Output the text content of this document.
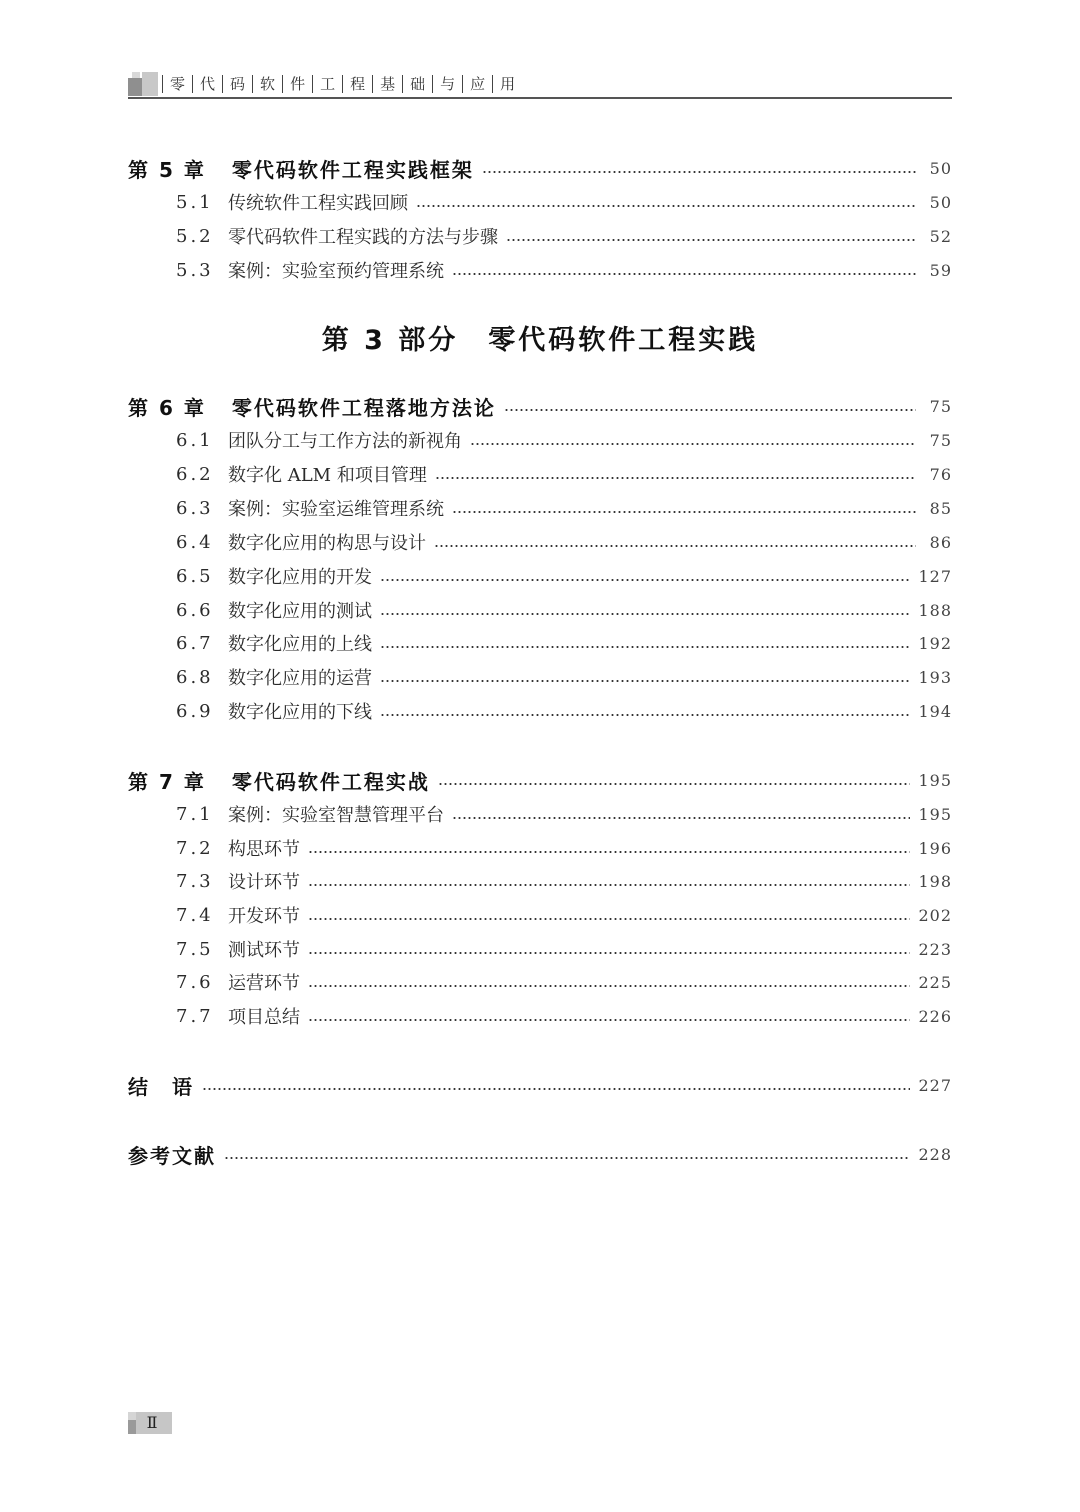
零	代	码	软	件	工	程	基	础	与	应	用
第 5 章 零代码软件工程实践框架	50
5.1 传统软件工程实践回顾	50
5.2 零代码软件工程实践的方法与步骤	52
5.3 案例：实验室预约管理系统	59
第 3 部分 零代码软件工程实践
第 6 章 零代码软件工程落地方法论	75
6.1 团队分工与工作方法的新视角	75
6.2 数字化 ALM 和项目管理	76
6.3 案例：实验室运维管理系统	85
6.4 数字化应用的构思与设计	86
6.5 数字化应用的开发	127
6.6 数字化应用的测试	188
6.7 数字化应用的上线	192
6.8 数字化应用的运营	193
6.9 数字化应用的下线	194
第 7 章 零代码软件工程实战	195
7.1 案例：实验室智慧管理平台	195
7.2 构思环节	196
7.3 设计环节	198
7.4 开发环节	202
7.5 测试环节	223
7.6 运营环节	225
7.7 项目总结	226
结　语	227
参考文献	228
Ⅱ
